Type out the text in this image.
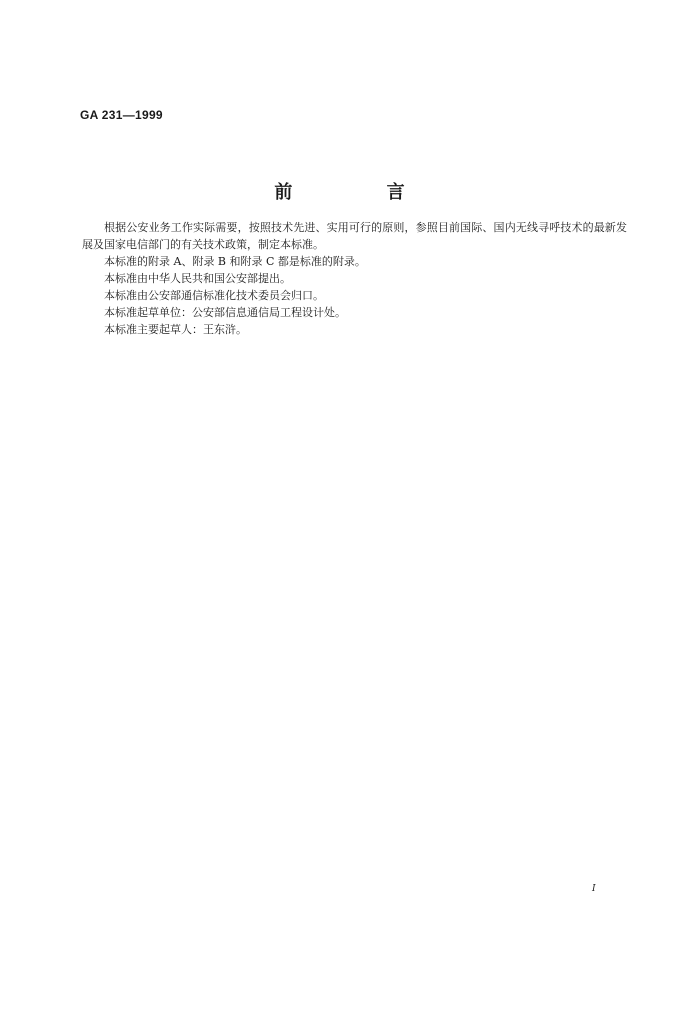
GA 231—1999
前 言

根据公安业务工作实际需要，按照技术先进、实用可行的原则，参照目前国际、国内无线寻呼技术的最新发展及国家电信部门的有关技术政策，制定本标准。

本标准的附录 A、附录 B 和附录 C 都是标准的附录。

本标准由中华人民共和国公安部提出。

本标准由公安部通信标准化技术委员会归口。

本标准起草单位：公安部信息通信局工程设计处。

本标准主要起草人：王东浒。

I
